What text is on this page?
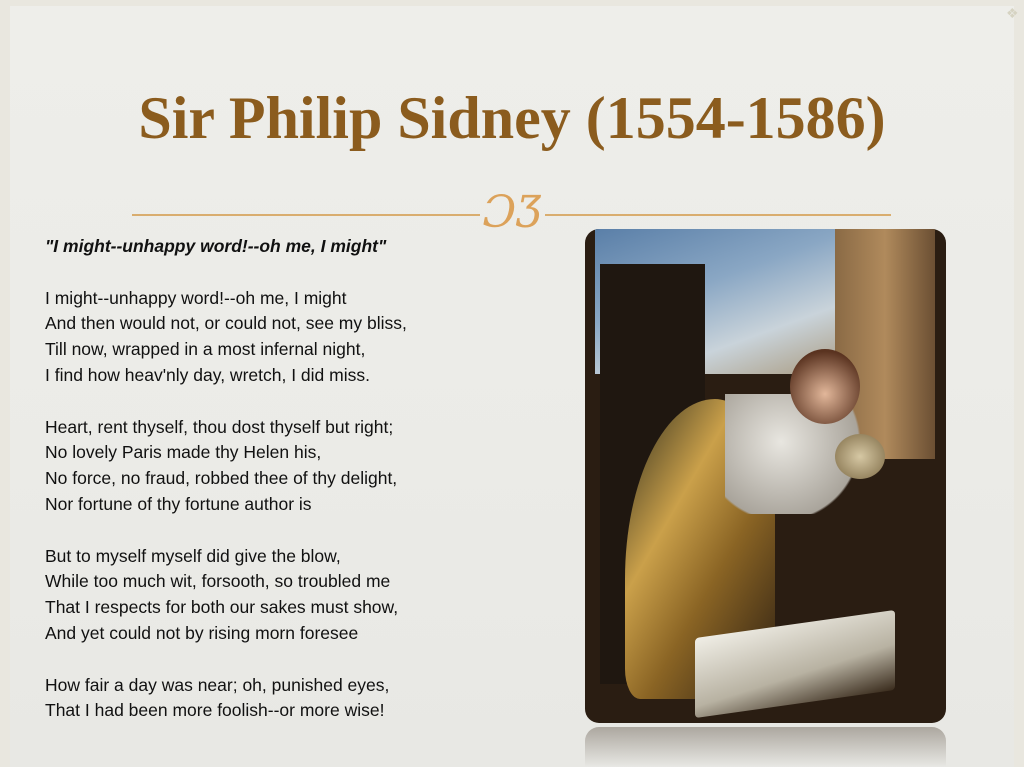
❖
Sir Philip Sidney (1554-1586)
ƆƷ
"I might--unhappy word!--oh me, I might"
I might--unhappy word!--oh me, I might
And then would not, or could not, see my bliss,
Till now, wrapped in a most infernal night,
I find how heav'nly day, wretch, I did miss.
Heart, rent thyself, thou dost thyself but right;
No lovely Paris made thy Helen his,
No force, no fraud, robbed thee of thy delight,
Nor fortune of thy fortune author is
But to myself myself did give the blow,
While too much wit, forsooth, so troubled me
That I respects for both our sakes must show,
And yet could not by rising morn foresee
How fair a day was near; oh, punished eyes,
That I had been more foolish--or more wise!
